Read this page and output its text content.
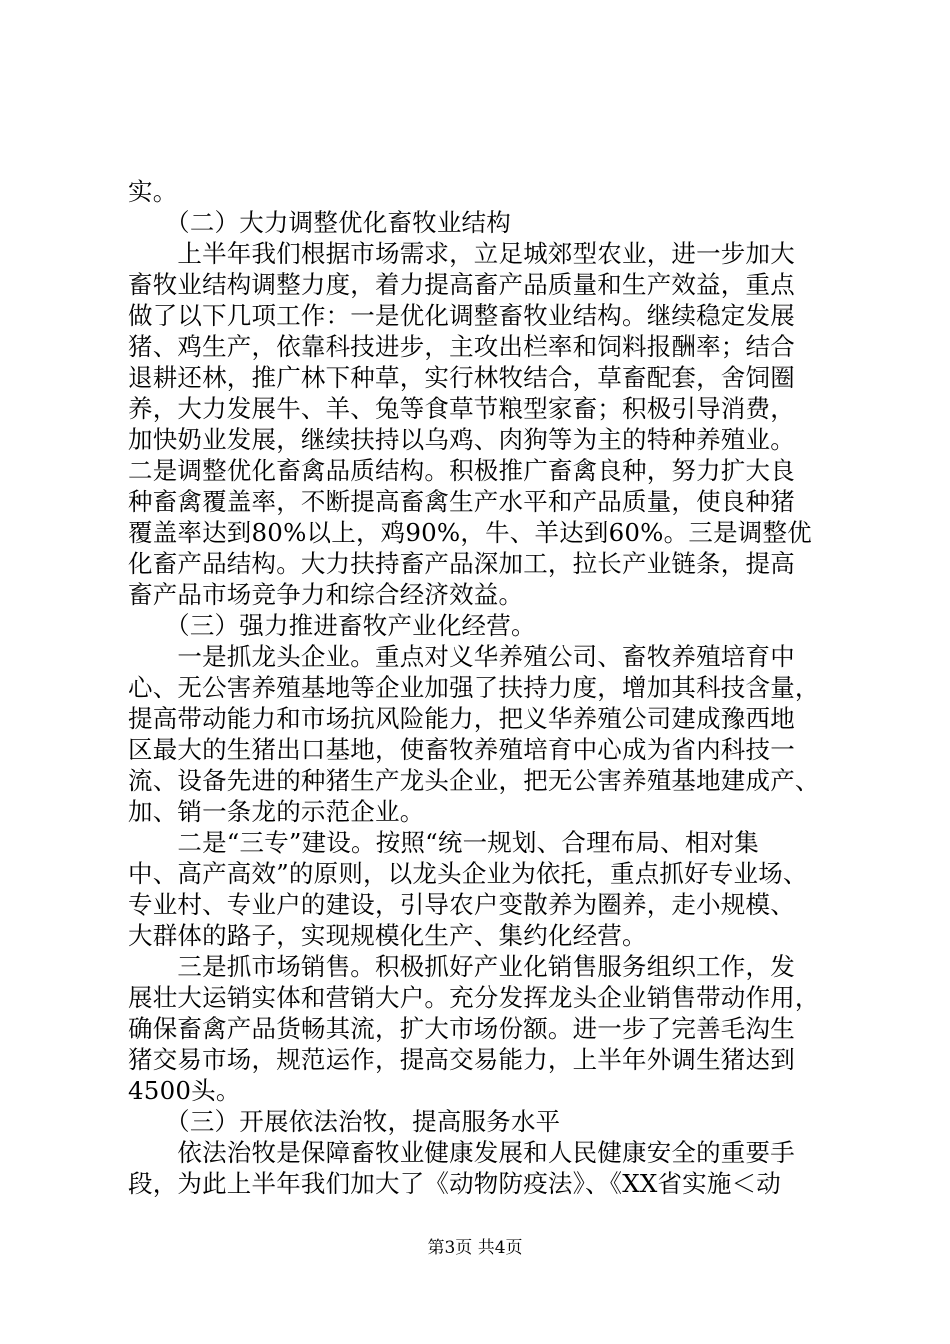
实。
　　（二）大力调整优化畜牧业结构
　　上半年我们根据市场需求，立足城郊型农业，进一步加大
畜牧业结构调整力度，着力提高畜产品质量和生产效益，重点
做了以下几项工作：一是优化调整畜牧业结构。继续稳定发展
猪、鸡生产，依靠科技进步，主攻出栏率和饲料报酬率；结合
退耕还林，推广林下种草，实行林牧结合，草畜配套，舍饲圈
养，大力发展牛、羊、兔等食草节粮型家畜；积极引导消费，
加快奶业发展，继续扶持以乌鸡、肉狗等为主的特种养殖业。
二是调整优化畜禽品质结构。积极推广畜禽良种，努力扩大良
种畜禽覆盖率，不断提高畜禽生产水平和产品质量，使良种猪
覆盖率达到80%以上，鸡90%，牛、羊达到60%。三是调整优
化畜产品结构。大力扶持畜产品深加工，拉长产业链条，提高
畜产品市场竞争力和综合经济效益。
　　（三）强力推进畜牧产业化经营。
　　一是抓龙头企业。重点对义华养殖公司、畜牧养殖培育中
心、无公害养殖基地等企业加强了扶持力度，增加其科技含量，
提高带动能力和市场抗风险能力，把义华养殖公司建成豫西地
区最大的生猪出口基地，使畜牧养殖培育中心成为省内科技一
流、设备先进的种猪生产龙头企业，把无公害养殖基地建成产、
加、销一条龙的示范企业。
　　二是“三专”建设。按照“统一规划、合理布局、相对集
中、高产高效”的原则，以龙头企业为依托，重点抓好专业场、
专业村、专业户的建设，引导农户变散养为圈养，走小规模、
大群体的路子，实现规模化生产、集约化经营。
　　三是抓市场销售。积极抓好产业化销售服务组织工作，发
展壮大运销实体和营销大户。充分发挥龙头企业销售带动作用，
确保畜禽产品货畅其流，扩大市场份额。进一步了完善毛沟生
猪交易市场，规范运作，提高交易能力，上半年外调生猪达到
4500头。
　　（三）开展依法治牧，提高服务水平
　　依法治牧是保障畜牧业健康发展和人民健康安全的重要手
段，为此上半年我们加大了《动物防疫法》、《XX省实施＜动
第3页 共4页
